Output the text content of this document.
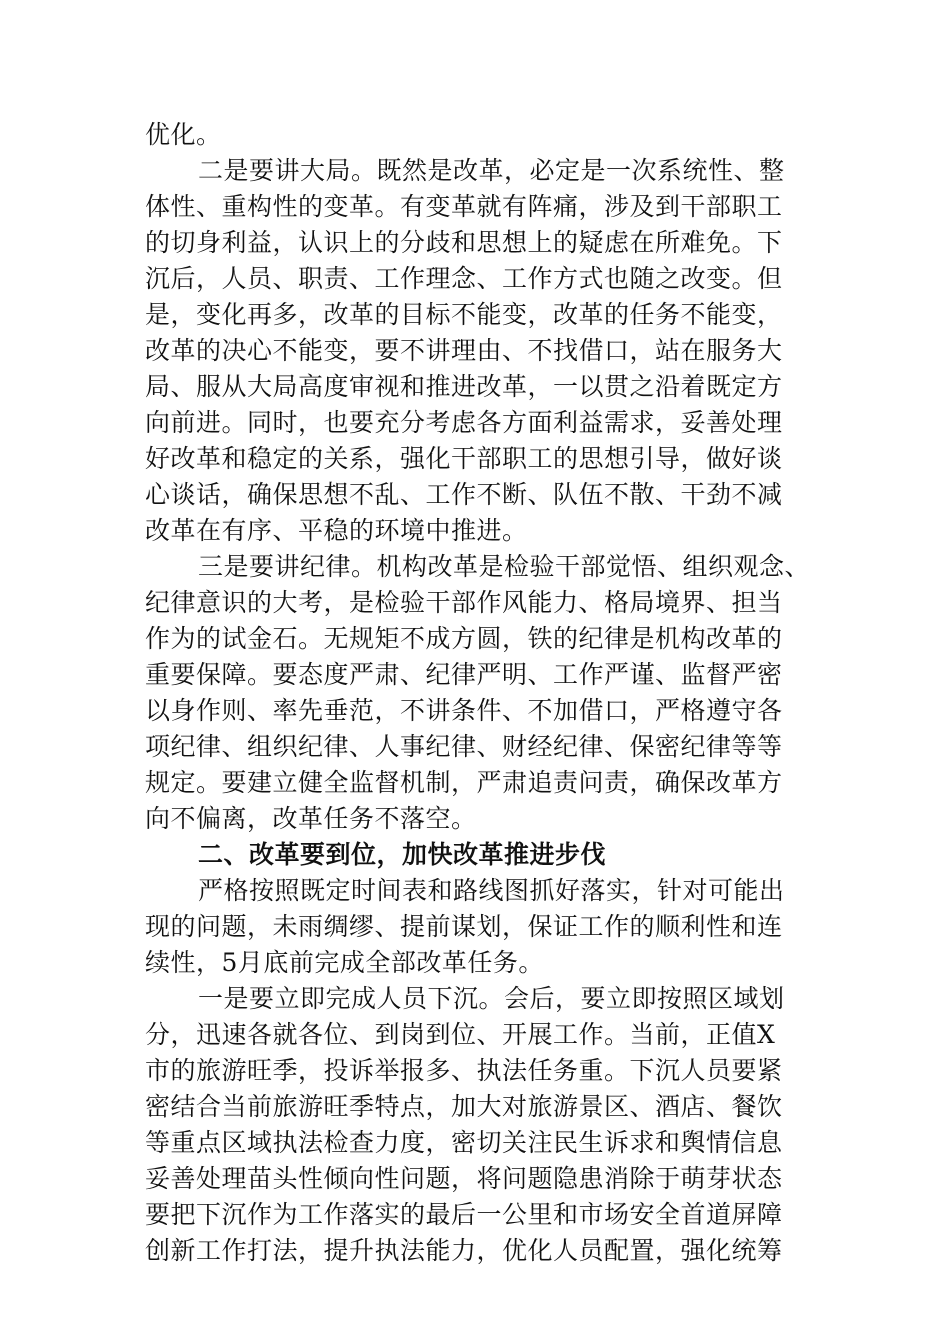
优化。
二是要讲大局。既然是改革，必定是一次系统性、整
体性、重构性的变革。有变革就有阵痛，涉及到干部职工
的切身利益，认识上的分歧和思想上的疑虑在所难免。下
沉后，人员、职责、工作理念、工作方式也随之改变。但
是，变化再多，改革的目标不能变，改革的任务不能变，
改革的决心不能变，要不讲理由、不找借口，站在服务大
局、服从大局高度审视和推进改革，一以贯之沿着既定方
向前进。同时，也要充分考虑各方面利益需求，妥善处理
好改革和稳定的关系，强化干部职工的思想引导，做好谈
心谈话，确保思想不乱、工作不断、队伍不散、干劲不减
改革在有序、平稳的环境中推进。
三是要讲纪律。机构改革是检验干部觉悟、组织观念、
纪律意识的大考，是检验干部作风能力、格局境界、担当
作为的试金石。无规矩不成方圆，铁的纪律是机构改革的
重要保障。要态度严肃、纪律严明、工作严谨、监督严密
以身作则、率先垂范，不讲条件、不加借口，严格遵守各
项纪律、组织纪律、人事纪律、财经纪律、保密纪律等等
规定。要建立健全监督机制，严肃追责问责，确保改革方
向不偏离，改革任务不落空。
二、改革要到位，加快改革推进步伐
严格按照既定时间表和路线图抓好落实，针对可能出
现的问题，未雨绸缪、提前谋划，保证工作的顺利性和连
续性，5月底前完成全部改革任务。
一是要立即完成人员下沉。会后，要立即按照区域划
分，迅速各就各位、到岗到位、开展工作。当前，正值X
市的旅游旺季，投诉举报多、执法任务重。下沉人员要紧
密结合当前旅游旺季特点，加大对旅游景区、酒店、餐饮
等重点区域执法检查力度，密切关注民生诉求和舆情信息
妥善处理苗头性倾向性问题，将问题隐患消除于萌芽状态
要把下沉作为工作落实的最后一公里和市场安全首道屏障
创新工作打法，提升执法能力，优化人员配置，强化统筹
